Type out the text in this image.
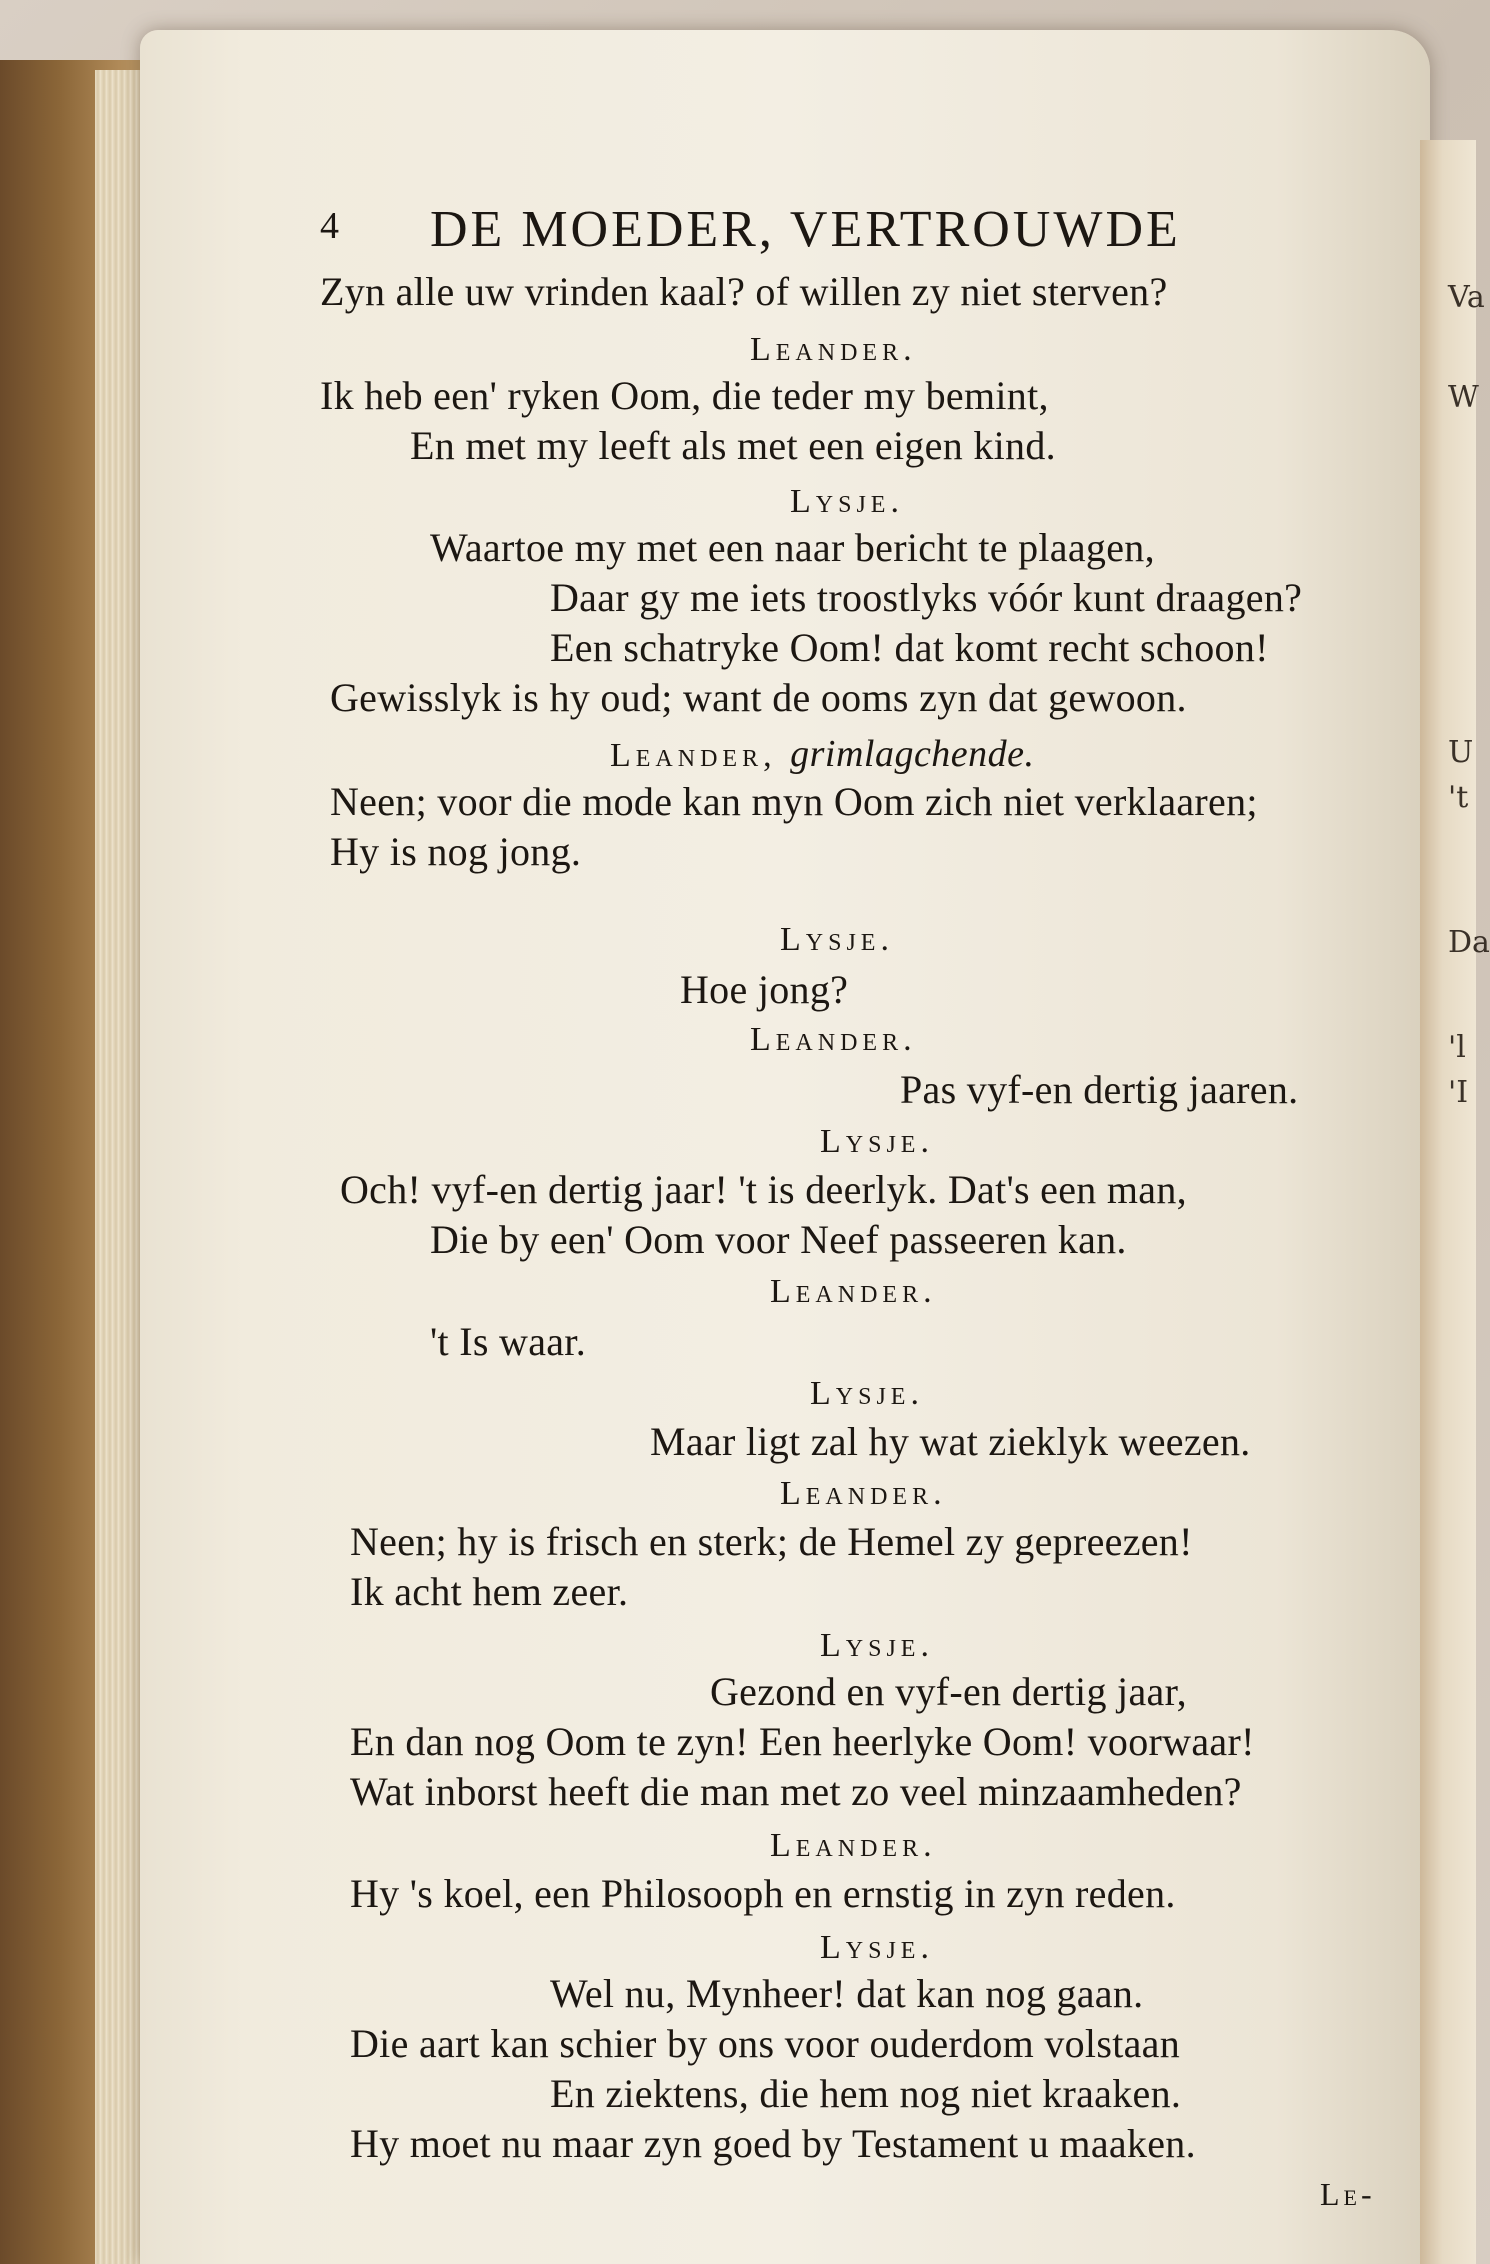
Va
W
U
't
Da
'l
'I
4 DE MOEDER, VERTROUWDE
Zyn alle uw vrinden kaal? of willen zy niet sterven?
Leander.
Ik heb een' ryken Oom, die teder my bemint,
En met my leeft als met een eigen kind.
Lysje.
Waartoe my met een naar bericht te plaagen,
Daar gy me iets troostlyks vóór kunt draagen?
Een schatryke Oom! dat komt recht schoon!
Gewisslyk is hy oud; want de ooms zyn dat gewoon.
Leander, grimlagchende.
Neen; voor die mode kan myn Oom zich niet verklaaren;
Hy is nog jong.
Lysje.
Hoe jong?
Leander.
Pas vyf-en dertig jaaren.
Lysje.
Och! vyf-en dertig jaar! 't is deerlyk. Dat's een man,
Die by een' Oom voor Neef passeeren kan.
Leander.
't Is waar.
Lysje.
Maar ligt zal hy wat zieklyk weezen.
Leander.
Neen; hy is frisch en sterk; de Hemel zy gepreezen!
Ik acht hem zeer.
Lysje.
Gezond en vyf-en dertig jaar,
En dan nog Oom te zyn! Een heerlyke Oom! voorwaar!
Wat inborst heeft die man met zo veel minzaamheden?
Leander.
Hy 's koel, een Philosooph en ernstig in zyn reden.
Lysje.
Wel nu, Mynheer! dat kan nog gaan.
Die aart kan schier by ons voor ouderdom volstaan
En ziektens, die hem nog niet kraaken.
Hy moet nu maar zyn goed by Testament u maaken.
Le-
